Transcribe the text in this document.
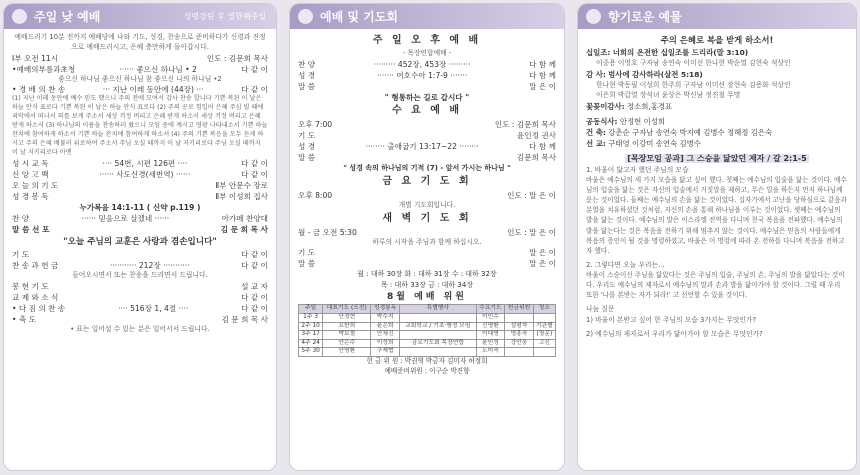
주일 낮 예배	성령강림 후 열한째주일
예배드리기 10분 전까지 예배당에 나와 기도, 성경, 찬송으로 준비하다가 신령과 진정으로 예배드리시고, 은혜 충만하게 돌아갑시다.
Ⅰ부 오전 11시	인도 : 김문희 목사
•예배의부름과초청	······ 좋으신 하나님 • 2	다 같 이
좋으신 하나님 좋으신 하나님 참 좋으신 나의 하나님 •2
• 경 배 의 찬 송	··· 지난 이레 동안에 (44장) ···	다 같 이
(1) 지난 이레 동안에 예수 믿도 했으니 주의 전에 모여서 감사 찬송 합니다 기쁜 복된 이 날은 하늘 안식 표로다 기쁜 복된 이 날은 하늘 안식 표로다 (2) 주의 공로 힘입어 은혜 주심 빌 때에 죄악에서 떠나서 의를 보게 주소서 세상 걱정 버리고 은혜 받게 하소서 세상 걱정 버리고 은혜 받게 하소서 (3) 하나님의 이름을 찬송하러 왔으니 모임 중에 계시고 영광 나타내소서 기쁜 하늘 잔치에 참여하게 하소서 기쁜 하늘 잔치에 참여하게 하소서 (4) 주의 기쁜 복음을 모두 듣게 하시고 주의 은혜 배불러 위로하여 주소서 주님 오실 때까지 이 날 지키리로다 주님 오실 때까지 이 날 지키리로다 아멘
성 시 교 독	···· 54번, 시편 126편 ····	다 같 이
신 앙 고 백	······ 사도신경(새번역) ······	다 같 이
오 늘 의 기 도	Ⅱ부 안문수 장로
성 경 봉 독	Ⅱ부 이성희 집사
누가복음 14:1-11 ( 신약 p.119 )
찬 양	······ 믿음으로 살겠네 ······	아가페 찬양대
말 씀 선 포	김 문 희 목 사
"오늘 주님의 교훈은 사랑과 겸손입니다"
기 도	다 같 이
찬 송 과 헌 금	··········· 212장 ···········	다 같 이
들어오시면서 또는 찬송을 드리면서 드립니다.
봉 헌 기 도	설 교 자
교 제 와 소 식	다 같 이
• 다 짐 의 찬 송	···· 516장 1, 4절 ····	다 같 이
• 축 도	김 문 희 목 사
• 표는 일어설 수 있는 분은 일어서서 드립니다.
예배 및 기도회
주 일 오 후 예 배
- 목장연합예배 -
찬 양	········· 452장, 453장 ·········	다 함 께
성 경	······· 여호수아 1:7-9 ·······	다 함 께
말 씀	말 은 이
" 형통하는 길로 갑시다 "
수 요 예 배
오후 7:00	인도 : 김문희 목사
기 도	윤인정 권사
성 경	········ 출애굽기 13:17~22 ········	다 함 께
말 씀	김문희 목사
" 성경 속의 하나님의 기적 (7) - 앞서 가시는 하나님 "
금 요 기 도 회
오후 8:00	인도 : 말 은 이
개별 기도회입니다.
새 벽 기 도 회
월 - 금 오전 5:30	인도 : 말 은 이
하루의 시작을 주님과 함께 하십시오.
기 도	말 은 이
말 씀	말 은 이
월 : 대하 30장 화 : 대하 31장 수 : 대하 32장
목 : 대하 33장 금 : 대하 34장
8월 예배 위원
주일	대표기도 (오전)	성경봉독	특별행사	수요기도	헌금위원	청소
1주 3	안정현	박수지		이인수		
2주 10	요한희	윤은희	교회학교 / 기초·행정 모임	신명환	설평자	기관별
3주 17	박보철	안채진		이대영	영흥숙	(청운)
4주 24	안은수	이성희	금요기도회 목장연합	윤인정	강인웅	고신
5주 30	안명환	구재협		노미숙		
헌 금 위 원 : 박권혁 박금자 김미자 허정희
예배준비위원 : 이구순 박진향
향기로운 예물
주의 은혜로 복을 받게 하소서!
십일조: 너희의 온전한 십일조를 드리라(말 3:10)
이중용 이영호 구자남 송연숙 이미선 한나현 박순열 김현숙 석상인
감 사: 범사에 감사하라(살전 5:18)
한나현 박동필 이성희 한주희 구자남 이미선 장현숙 김용화 석상인
이은희 박갑열 장석녀 윤상은 박신남 정진철 무명
꽃꽂이감사: 정소희,홍경표
공동식사: 안정현 이성희
건 축: 강춘순 구자남 송연숙 박지예 김병수 정혜정 김은숙
선 교: 구태영 이강미 송연숙 김병수
[목장모임 공과] 그 스승을 닮았던 제자 / 갈 2:1-5
1. 바울이 닮고자 했던 주님의 모습
바울은 예수님의 세 가지 모습을 닮고 싶어 했다. 첫째는 예수님의 입술을 닮는 것이다. 예수님의 입술을 닮는 것은 자신의 입술에서 거짓말을 제하고, 무슨 일을 하든지 먼저 하나님께 묻는 것이었다. 둘째는 예수님의 손을 닮는 것이었다. 십자가에서 고난을 당하심으로 같음과 분열을 치유하셨던 것처럼, 자신의 손을 통해 하나님을 이루는 것이었다. 셋째는 예수님의 발을 닮는 것이다. 예수님의 발은 이스라엘 전역을 다니며 천국 복음을 전파했다. 예수님의 발을 닮는다는 것은 복음을 전하기 위해 멈추지 않는 것이다. 예수님은 믿음의 사람들에게 복음의 증인이 될 것을 명령하셨고, 바울은 이 명령에 따라 온 전하를 다니며 복음을 전하고자 했다.
2. 그렇다면 오늘 우리는...
바울이 스승이신 주님을 닮았다는 것은 주님의 입술, 주님의 손, 주님의 발을 닮았다는 것이다. 우리도 예수님의 제자로서 예수님의 말과 손과 발을 닮아가야 할 것이다. 그럴 때 우리 또한 '나를 본받는 자가 되라!' 고 선언할 수 있을 것이다.
나눔 질문
1) 바울이 본받고 싶어 한 주님의 모습 3가지는 무엇인가?
2) 예수님의 제자로서 우리가 닮아가야 할 모습은 무엇인가?
